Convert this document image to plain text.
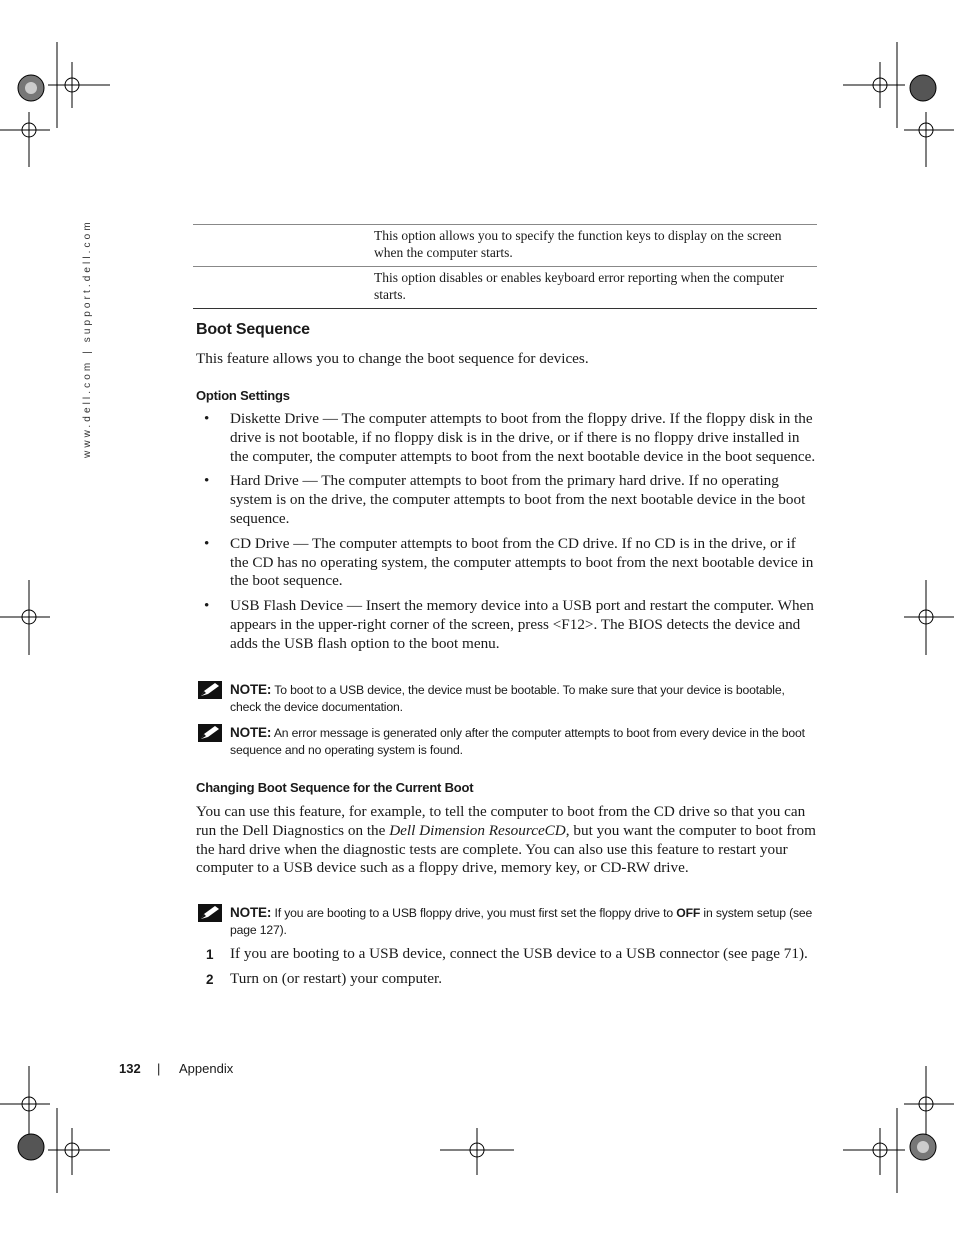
www.dell.com | support.dell.com	This option allows you to specify the function keys to display on the screen when the computer starts.
This option disables or enables keyboard error reporting when the computer starts.
Boot Sequence

This feature allows you to change the boot sequence for devices.

Option Settings
• Diskette Drive — The computer attempts to boot from the floppy drive. If the floppy disk in the drive is not bootable, if no floppy disk is in the drive, or if there is no floppy drive installed in the computer, the computer attempts to boot from the next bootable device in the boot sequence.
• Hard Drive — The computer attempts to boot from the primary hard drive. If no operating system is on the drive, the computer attempts to boot from the next bootable device in the boot sequence.
• CD Drive — The computer attempts to boot from the CD drive. If no CD is in the drive, or if the CD has no operating system, the computer attempts to boot from the next bootable device in the boot sequence.
• USB Flash Device — Insert the memory device into a USB port and restart the computer. When                                    appears in the upper-right corner of the screen, press <F12>. The BIOS detects the device and adds the USB flash option to the boot menu.
NOTE: To boot to a USB device, the device must be bootable. To make sure that your device is bootable, check the device documentation.
NOTE: An error message is generated only after the computer attempts to boot from every device in the boot sequence and no operating system is found.
Changing Boot Sequence for the Current Boot

You can use this feature, for example, to tell the computer to boot from the CD drive so that you can run the Dell Diagnostics on the Dell Dimension ResourceCD, but you want the computer to boot from the hard drive when the diagnostic tests are complete. You can also use this feature to restart your computer to a USB device such as a floppy drive, memory key, or CD-RW drive.

NOTE: If you are booting to a USB floppy drive, you must first set the floppy drive to OFF in system setup (see page 127).
1 If you are booting to a USB device, connect the USB device to a USB connector (see page 71).
2 Turn on (or restart) your computer.
132 | Appendix
